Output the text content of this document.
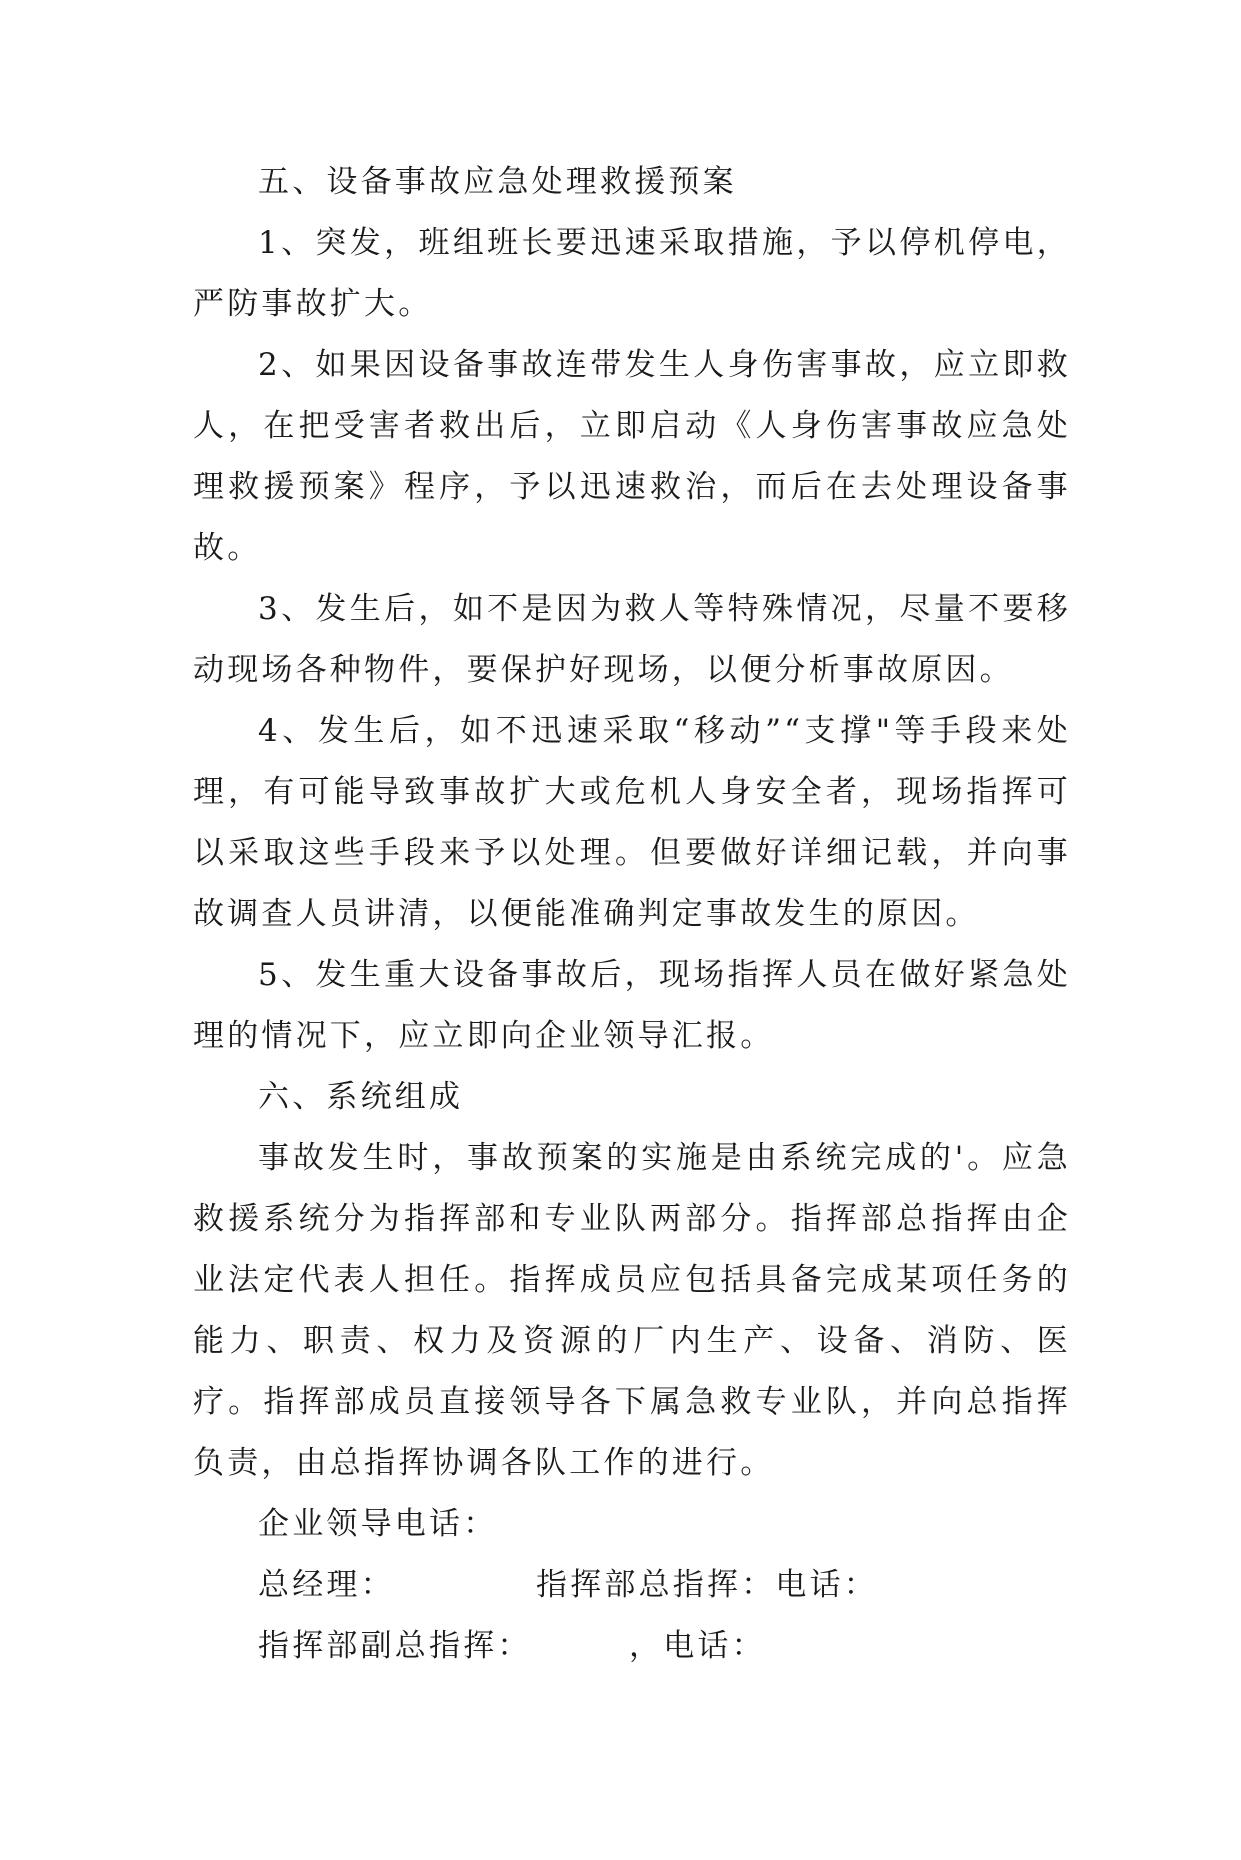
五、设备事故应急处理救援预案

1、突发，班组班长要迅速采取措施，予以停机停电，严防事故扩大。

2、如果因设备事故连带发生人身伤害事故，应立即救人，在把受害者救出后，立即启动《人身伤害事故应急处理救援预案》程序，予以迅速救治，而后在去处理设备事故。

3、发生后，如不是因为救人等特殊情况，尽量不要移动现场各种物件，要保护好现场，以便分析事故原因。

4、发生后，如不迅速采取“移动”“支撑"等手段来处理，有可能导致事故扩大或危机人身安全者，现场指挥可以采取这些手段来予以处理。但要做好详细记载，并向事故调查人员讲清，以便能准确判定事故发生的原因。

5、发生重大设备事故后，现场指挥人员在做好紧急处理的情况下，应立即向企业领导汇报。

六、系统组成

事故发生时，事故预案的实施是由系统完成的'。应急救援系统分为指挥部和专业队两部分。指挥部总指挥由企业法定代表人担任。指挥成员应包括具备完成某项任务的能力、职责、权力及资源的厂内生产、设备、消防、医疗。指挥部成员直接领导各下属急救专业队，并向总指挥负责，由总指挥协调各队工作的进行。

企业领导电话：

总经理：

	指挥部总指挥：电话：

指挥部副总指挥：

	，电话：
